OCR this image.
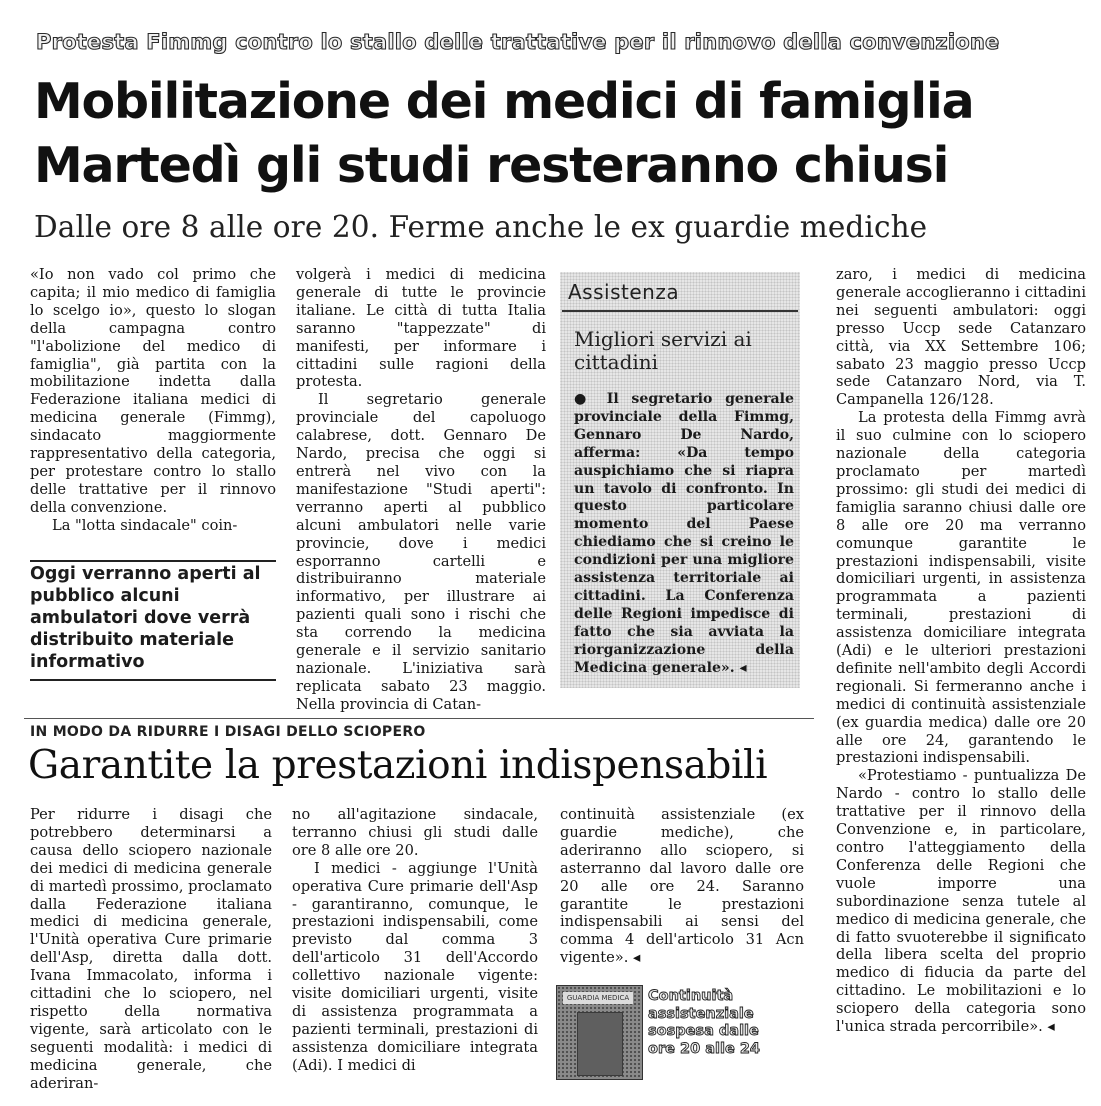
Protesta Fimmg contro lo stallo delle trattative per il rinnovo della convenzione
Mobilitazione dei medici di famiglia
Martedì gli studi resteranno chiusi
Dalle ore 8 alle ore 20. Ferme anche le ex guardie mediche

«Io non vado col primo che capita; il mio medico di famiglia lo scelgo io», questo lo slogan della campagna contro "l'abolizione del medico di famiglia", già partita con la mobilitazione indetta dalla Federazione italiana medici di medicina generale (Fimmg), sindacato maggiormente rappresentativo della categoria, per protestare contro lo stallo delle trattative per il rinnovo della convenzione.

La "lotta sindacale" coin-

Oggi verranno aperti al pubblico alcuni ambulatori dove verrà distribuito materiale informativo

volgerà i medici di medicina generale di tutte le provincie italiane. Le città di tutta Italia saranno "tappezzate" di manifesti, per informare i cittadini sulle ragioni della protesta.

Il segretario generale provinciale del capoluogo calabrese, dott. Gennaro De Nardo, precisa che oggi si entrerà nel vivo con la manifestazione "Studi aperti": verranno aperti al pubblico alcuni ambulatori nelle varie provincie, dove i medici esporranno cartelli e distribuiranno materiale informativo, per illustrare ai pazienti quali sono i rischi che sta correndo la medicina generale e il servizio sanitario nazionale. L'iniziativa sarà replicata sabato 23 maggio. Nella provincia di Catan-

Assistenza
Migliori servizi ai cittadini

● Il segretario generale provinciale della Fimmg, Gennaro De Nardo, afferma: «Da tempo auspichiamo che si riapra un tavolo di confronto. In questo particolare momento del Paese chiediamo che si creino le condizioni per una migliore assistenza territoriale ai cittadini. La Conferenza delle Regioni impedisce di fatto che sia avviata la riorganizzazione della Medicina generale». ◂

zaro, i medici di medicina generale accoglieranno i cittadini nei seguenti ambulatori: oggi presso Uccp sede Catanzaro città, via XX Settembre 106; sabato 23 maggio presso Uccp sede Catanzaro Nord, via T. Campanella 126/128.

La protesta della Fimmg avrà il suo culmine con lo sciopero nazionale della categoria proclamato per martedì prossimo: gli studi dei medici di famiglia saranno chiusi dalle ore 8 alle ore 20 ma verranno comunque garantite le prestazioni indispensabili, visite domiciliari urgenti, in assistenza programmata a pazienti terminali, prestazioni di assistenza domiciliare integrata (Adi) e le ulteriori prestazioni definite nell'ambito degli Accordi regionali. Si fermeranno anche i medici di continuità assistenziale (ex guardia medica) dalle ore 20 alle ore 24, garantendo le prestazioni indispensabili.

«Protestiamo - puntualizza De Nardo - contro lo stallo delle trattative per il rinnovo della Convenzione e, in particolare, contro l'atteggiamento della Conferenza delle Regioni che vuole imporre una subordinazione senza tutele al medico di medicina generale, che di fatto svuoterebbe il significato della libera scelta del proprio medico di fiducia da parte del cittadino. Le mobilitazioni e lo sciopero della categoria sono l'unica strada percorribile». ◂

IN MODO DA RIDURRE I DISAGI DELLO SCIOPERO
Garantite la prestazioni indispensabili

Per ridurre i disagi che potrebbero determinarsi a causa dello sciopero nazionale dei medici di medicina generale di martedì prossimo, proclamato dalla Federazione italiana medici di medicina generale, l'Unità operativa Cure primarie dell'Asp, diretta dalla dott. Ivana Immacolato, informa i cittadini che lo sciopero, nel rispetto della normativa vigente, sarà articolato con le seguenti modalità: i medici di medicina generale, che aderiran-

no all'agitazione sindacale, terranno chiusi gli studi dalle ore 8 alle ore 20.

I medici - aggiunge l'Unità operativa Cure primarie dell'Asp - garantiranno, comunque, le prestazioni indispensabili, come previsto dal comma 3 dell'articolo 31 dell'Accordo collettivo nazionale vigente: visite domiciliari urgenti, visite di assistenza programmata a pazienti terminali, prestazioni di assistenza domiciliare integrata (Adi). I medici di

continuità assistenziale (ex guardie mediche), che aderiranno allo sciopero, si asterranno dal lavoro dalle ore 20 alle ore 24. Saranno garantite le prestazioni indispensabili ai sensi del comma 4 dell'articolo 31 Acn vigente». ◂

GUARDIA MEDICA Continuità assistenziale sospesa dalle ore 20 alle 24
